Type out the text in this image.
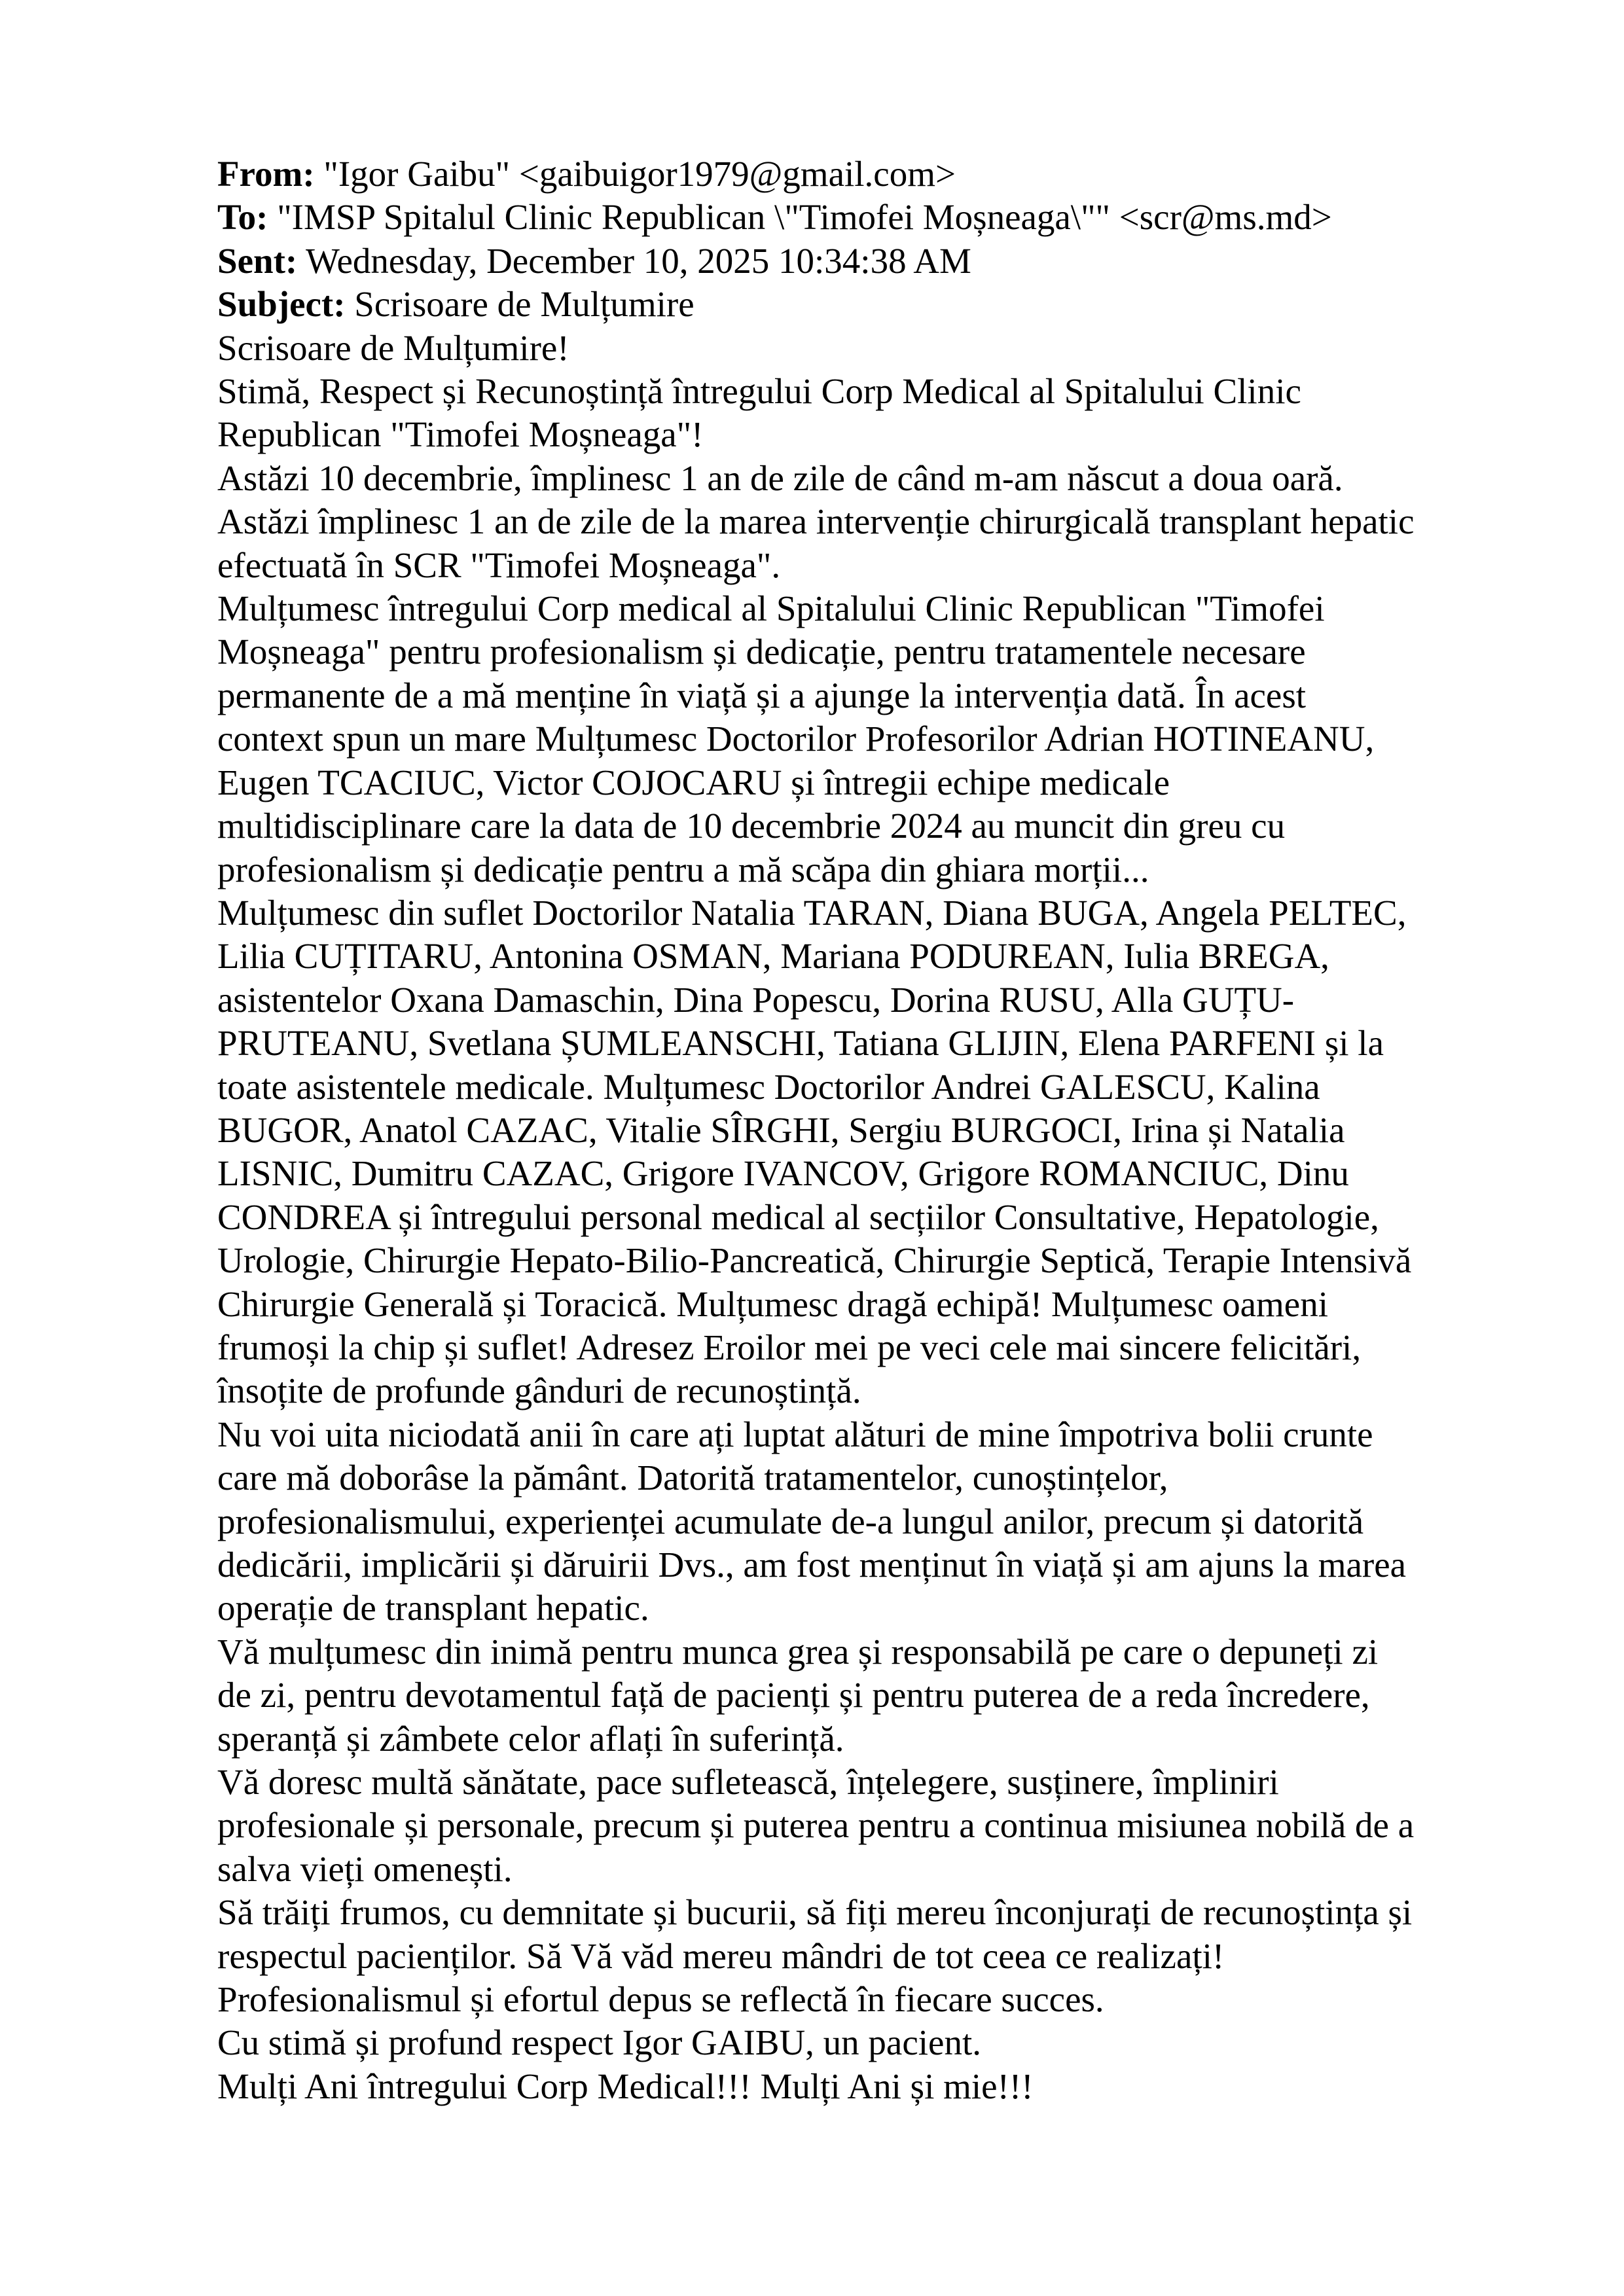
From: "Igor Gaibu" <gaibuigor1979@gmail.com>
To: "IMSP Spitalul Clinic Republican \"Timofei Moșneaga\"" <scr@ms.md>
Sent: Wednesday, December 10, 2025 10:34:38 AM
Subject: Scrisoare de Mulțumire
Scrisoare de Mulțumire!
Stimă, Respect și Recunoștință întregului Corp Medical al Spitalului Clinic
Republican "Timofei Moșneaga"!
Astăzi 10 decembrie, împlinesc 1 an de zile de când m-am născut a doua oară.
Astăzi împlinesc 1 an de zile de la marea intervenție chirurgicală transplant hepatic
efectuată în SCR "Timofei Moșneaga".
Mulțumesc întregului Corp medical al Spitalului Clinic Republican "Timofei
Moșneaga" pentru profesionalism și dedicație, pentru tratamentele necesare
permanente de a mă menține în viață și a ajunge la intervenția dată. În acest
context spun un mare Mulțumesc Doctorilor Profesorilor Adrian HOTINEANU,
Eugen TCACIUC, Victor COJOCARU și întregii echipe medicale
multidisciplinare care la data de 10 decembrie 2024 au muncit din greu cu
profesionalism și dedicație pentru a mă scăpa din ghiara morții...
Mulțumesc din suflet Doctorilor Natalia TARAN, Diana BUGA, Angela PELTEC,
Lilia CUȚITARU, Antonina OSMAN, Mariana PODUREAN, Iulia BREGA,
asistentelor Oxana Damaschin, Dina Popescu, Dorina RUSU, Alla GUȚU-
PRUTEANU, Svetlana ȘUMLEANSCHI, Tatiana GLIJIN, Elena PARFENI și la
toate asistentele medicale. Mulțumesc Doctorilor Andrei GALESCU, Kalina
BUGOR, Anatol CAZAC, Vitalie SÎRGHI, Sergiu BURGOCI, Irina și Natalia
LISNIC, Dumitru CAZAC, Grigore IVANCOV, Grigore ROMANCIUC, Dinu
CONDREA și întregului personal medical al secțiilor Consultative, Hepatologie,
Urologie, Chirurgie Hepato-Bilio-Pancreatică, Chirurgie Septică, Terapie Intensivă
Chirurgie Generală și Toracică. Mulțumesc dragă echipă! Mulțumesc oameni
frumoși la chip și suflet! Adresez Eroilor mei pe veci cele mai sincere felicitări,
însoțite de profunde gânduri de recunoștință.
Nu voi uita niciodată anii în care ați luptat alături de mine împotriva bolii crunte
care mă doborâse la pământ. Datorită tratamentelor, cunoștințelor,
profesionalismului, experienței acumulate de-a lungul anilor, precum și datorită
dedicării, implicării și dăruirii Dvs., am fost menținut în viață și am ajuns la marea
operație de transplant hepatic.
Vă mulțumesc din inimă pentru munca grea și responsabilă pe care o depuneți zi
de zi, pentru devotamentul față de pacienți și pentru puterea de a reda încredere,
speranță și zâmbete celor aflați în suferință.
Vă doresc multă sănătate, pace sufletească, înțelegere, susținere, împliniri
profesionale și personale, precum și puterea pentru a continua misiunea nobilă de a
salva vieți omenești.
Să trăiți frumos, cu demnitate și bucurii, să fiți mereu înconjurați de recunoștința și
respectul pacienților. Să Vă văd mereu mândri de tot ceea ce realizați!
Profesionalismul și efortul depus se reflectă în fiecare succes.
Cu stimă și profund respect Igor GAIBU, un pacient.
Mulți Ani întregului Corp Medical!!! Mulți Ani și mie!!!
